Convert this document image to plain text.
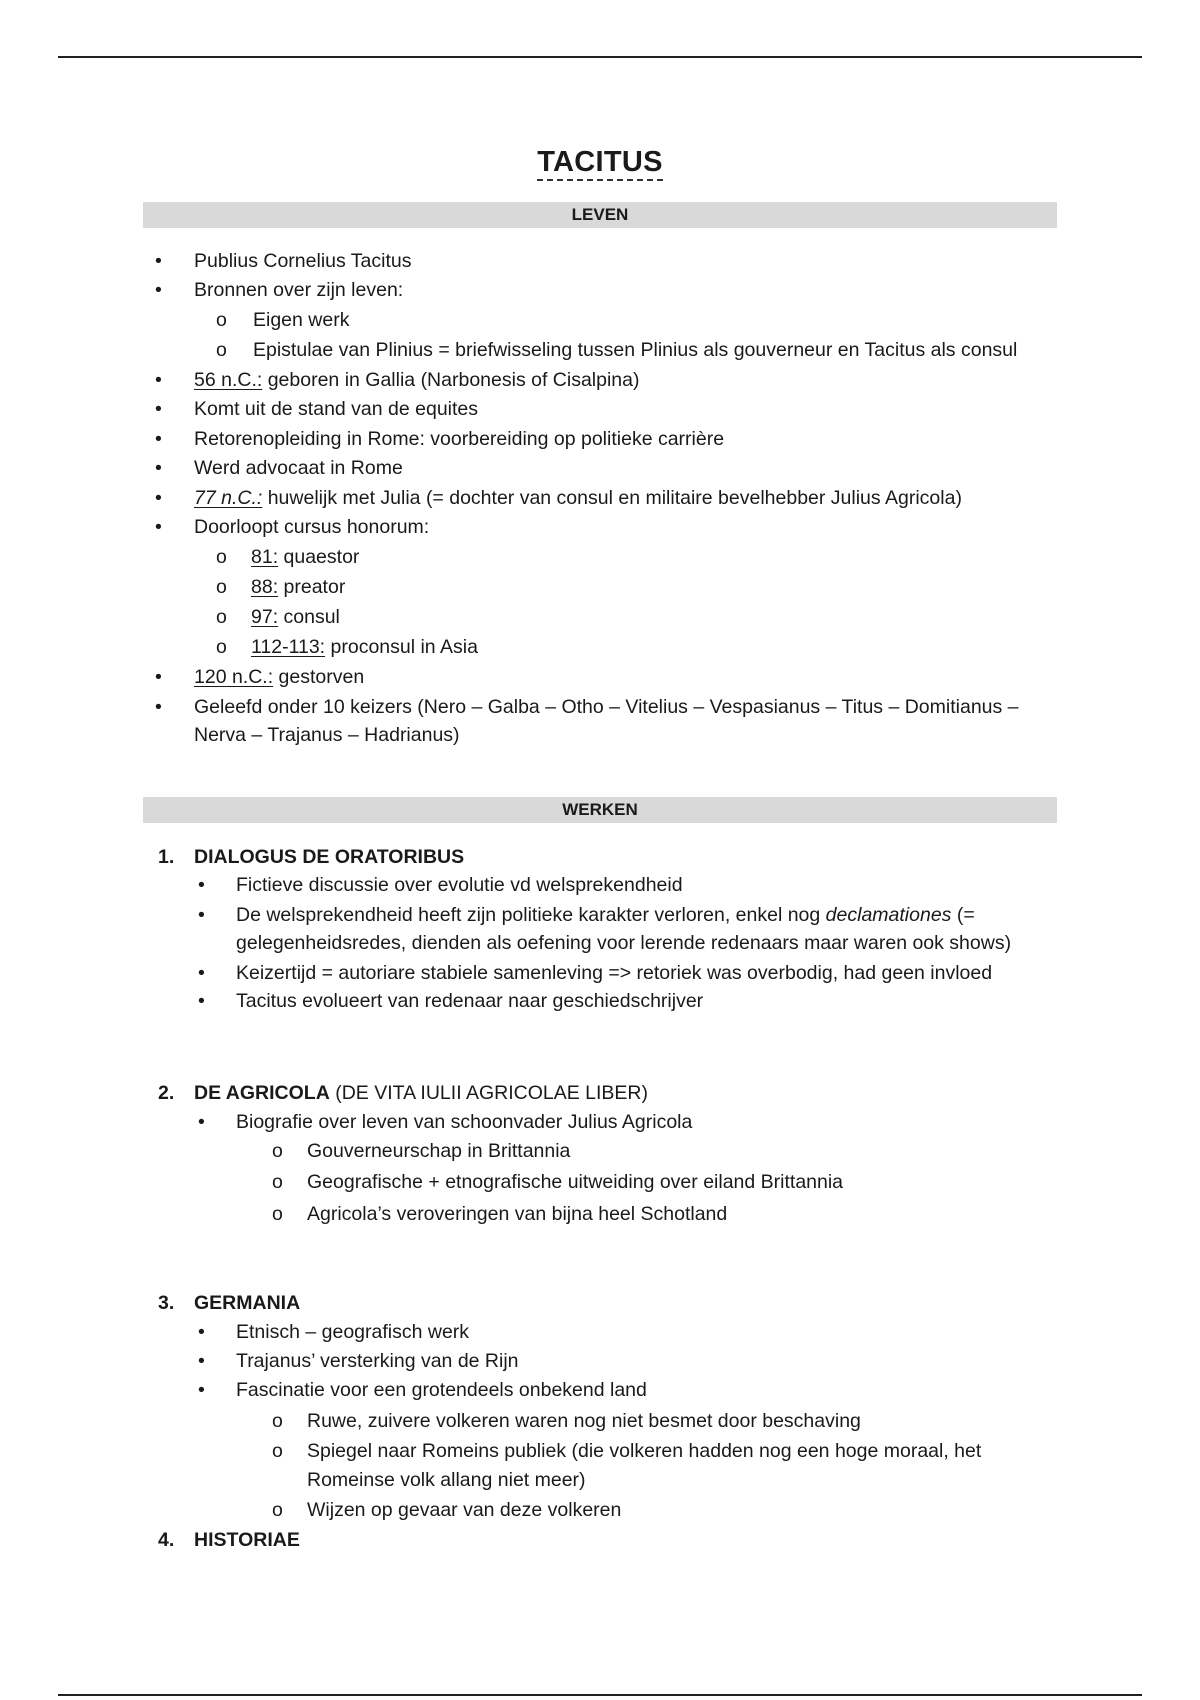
TACITUS
LEVEN
•
Publius Cornelius Tacitus
•
Bronnen over zijn leven:
o Eigen werk
o Epistulae van Plinius = briefwisseling tussen Plinius als gouverneur en Tacitus als consul
•
56 n.C.: geboren in Gallia (Narbonesis of Cisalpina)
•
Komt uit de stand van de equites
•
Retorenopleiding in Rome: voorbereiding op politieke carrière
•
Werd advocaat in Rome
•
77 n.C.: huwelijk met Julia (= dochter van consul en militaire bevelhebber Julius Agricola)
•
Doorloopt cursus honorum:
o 81: quaestor
o 88: preator
o 97: consul
o 112-113: proconsul in Asia
•
120 n.C.: gestorven
•
Geleefd onder 10 keizers (Nero – Galba – Otho – Vitelius – Vespasianus – Titus – Domitianus –
Nerva – Trajanus – Hadrianus)
WERKEN
1. DIALOGUS DE ORATORIBUS
•
Fictieve discussie over evolutie vd welsprekendheid
•
De welsprekendheid heeft zijn politieke karakter verloren, enkel nog declamationes (=
gelegenheidsredes, dienden als oefening voor lerende redenaars maar waren ook shows)
•
Keizertijd = autoriare stabiele samenleving => retoriek was overbodig, had geen invloed
•
Tacitus evolueert van redenaar naar geschiedschrijver
2. DE AGRICOLA (DE VITA IULII AGRICOLAE LIBER)
•
Biografie over leven van schoonvader Julius Agricola
o Gouverneurschap in Brittannia
o Geografische + etnografische uitweiding over eiland Brittannia
o Agricola’s veroveringen van bijna heel Schotland
3. GERMANIA
•
Etnisch – geografisch werk
•
Trajanus’ versterking van de Rijn
•
Fascinatie voor een grotendeels onbekend land
o Ruwe, zuivere volkeren waren nog niet besmet door beschaving
o Spiegel naar Romeins publiek (die volkeren hadden nog een hoge moraal, het
Romeinse volk allang niet meer)
o Wijzen op gevaar van deze volkeren
4. HISTORIAE
